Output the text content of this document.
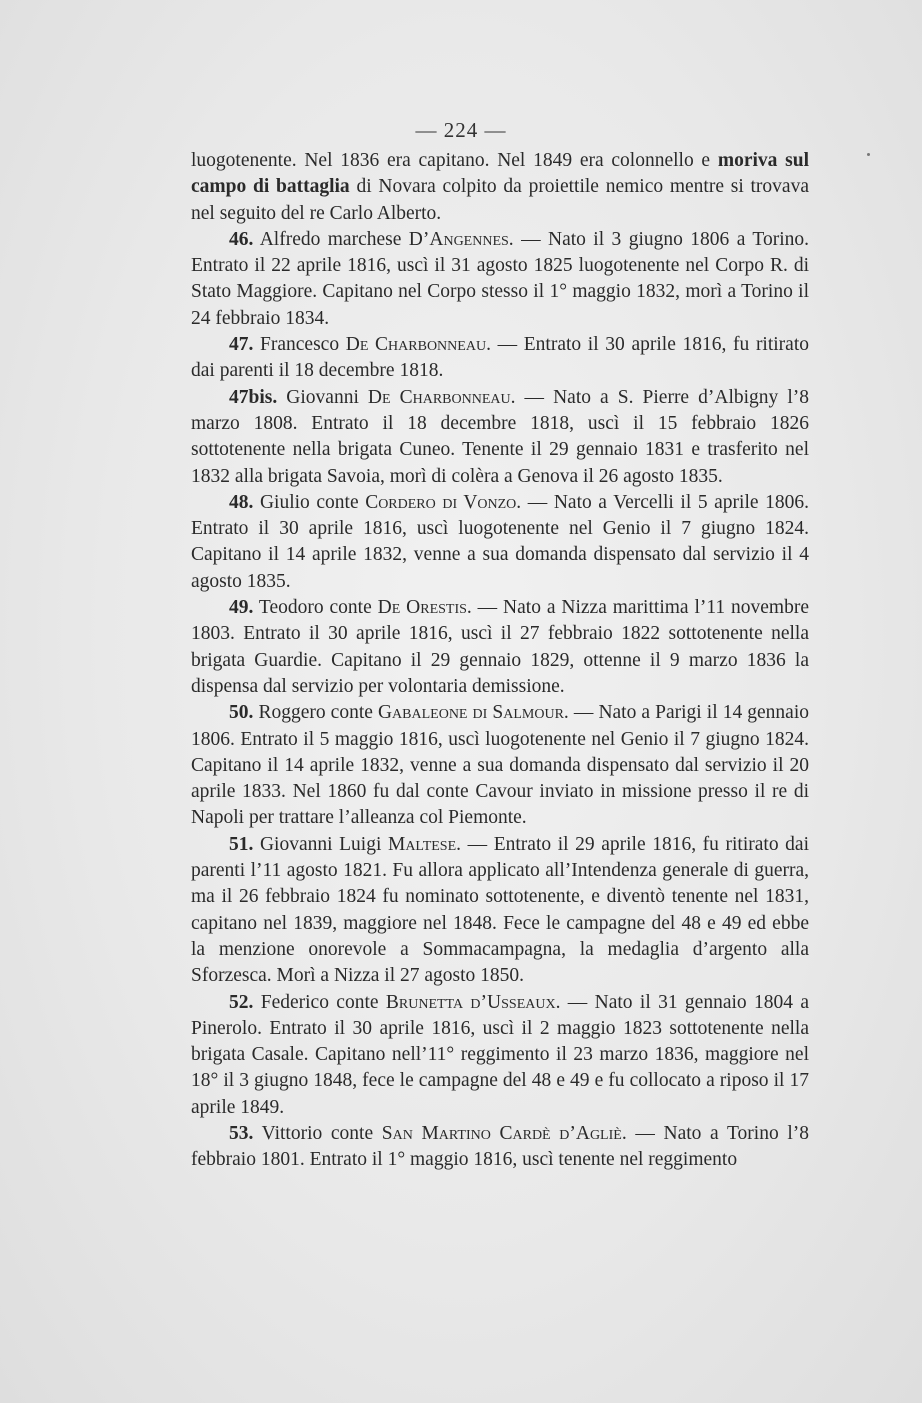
— 224 —

luogotenente. Nel 1836 era capitano. Nel 1849 era colonnello e moriva sul campo di battaglia di Novara colpito da proiettile nemico mentre si trovava nel seguito del re Carlo Alberto.

46. Alfredo marchese D’Angennes. — Nato il 3 giugno 1806 a Torino. Entrato il 22 aprile 1816, uscì il 31 agosto 1825 luogotenente nel Corpo R. di Stato Maggiore. Capitano nel Corpo stesso il 1° maggio 1832, morì a Torino il 24 febbraio 1834.

47. Francesco De Charbonneau. — Entrato il 30 aprile 1816, fu ritirato dai parenti il 18 decembre 1818.

47bis. Giovanni De Charbonneau. — Nato a S. Pierre d’Albigny l’8 marzo 1808. Entrato il 18 decembre 1818, uscì il 15 febbraio 1826 sottotenente nella brigata Cuneo. Tenente il 29 gennaio 1831 e trasferito nel 1832 alla brigata Savoia, morì di colèra a Genova il 26 agosto 1835.

48. Giulio conte Cordero di Vonzo. — Nato a Vercelli il 5 aprile 1806. Entrato il 30 aprile 1816, uscì luogotenente nel Genio il 7 giugno 1824. Capitano il 14 aprile 1832, venne a sua domanda dispensato dal servizio il 4 agosto 1835.

49. Teodoro conte De Orestis. — Nato a Nizza marittima l’11 novembre 1803. Entrato il 30 aprile 1816, uscì il 27 febbraio 1822 sottotenente nella brigata Guardie. Capitano il 29 gennaio 1829, ottenne il 9 marzo 1836 la dispensa dal servizio per volontaria demissione.

50. Roggero conte Gabaleone di Salmour. — Nato a Parigi il 14 gennaio 1806. Entrato il 5 maggio 1816, uscì luogotenente nel Genio il 7 giugno 1824. Capitano il 14 aprile 1832, venne a sua domanda dispensato dal servizio il 20 aprile 1833. Nel 1860 fu dal conte Cavour inviato in missione presso il re di Napoli per trattare l’alleanza col Piemonte.

51. Giovanni Luigi Maltese. — Entrato il 29 aprile 1816, fu ritirato dai parenti l’11 agosto 1821. Fu allora applicato all’Intendenza generale di guerra, ma il 26 febbraio 1824 fu nominato sottotenente, e diventò tenente nel 1831, capitano nel 1839, maggiore nel 1848. Fece le campagne del 48 e 49 ed ebbe la menzione onorevole a Sommacampagna, la medaglia d’argento alla Sforzesca. Morì a Nizza il 27 agosto 1850.

52. Federico conte Brunetta d’Usseaux. — Nato il 31 gennaio 1804 a Pinerolo. Entrato il 30 aprile 1816, uscì il 2 maggio 1823 sottotenente nella brigata Casale. Capitano nell’11° reggimento il 23 marzo 1836, maggiore nel 18° il 3 giugno 1848, fece le campagne del 48 e 49 e fu collocato a riposo il 17 aprile 1849.

53. Vittorio conte San Martino Cardè d’Agliè. — Nato a Torino l’8 febbraio 1801. Entrato il 1° maggio 1816, uscì tenente nel reggimento
